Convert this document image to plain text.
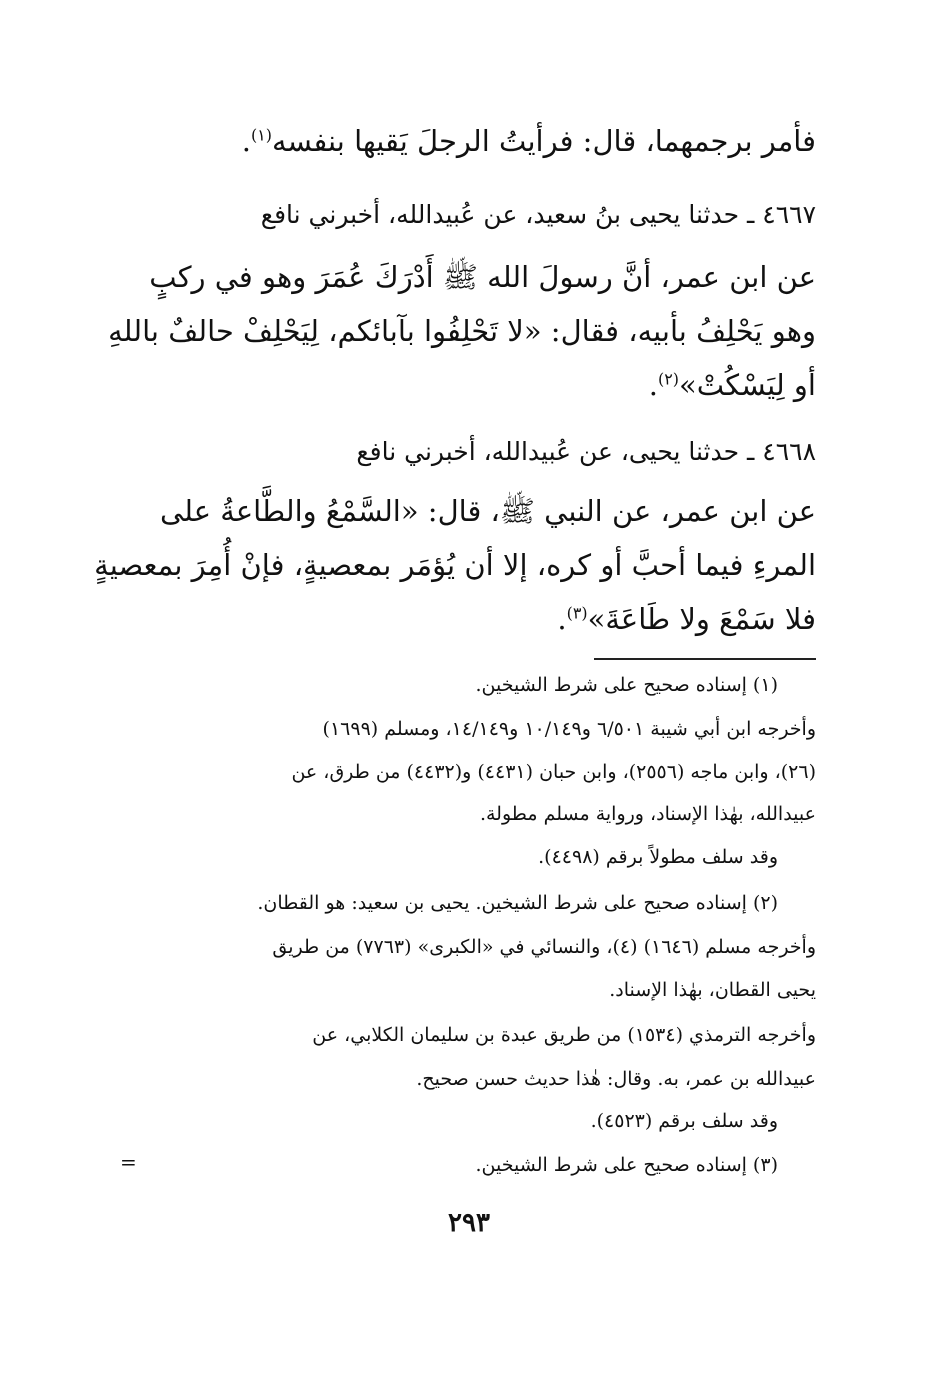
فأمر برجمهما، قال: فرأيتُ الرجلَ يَقيها بنفسه$^{(١)}$.
٤٦٦٧ ـ حدثنا يحيى بنُ سعيد، عن عُبيدالله، أخبرني نافع
عن ابن عمر، أنَّ رسولَ الله ﷺ أَدْرَكَ عُمَرَ وهو في ركبٍ
وهو يَحْلِفُ بأبيه، فقال: «لا تَحْلِفُوا بآبائكم، لِيَحْلِفْ حالفٌ باللهِ
أو لِيَسْكُتْ»$^{(٢)}$.
٤٦٦٨ ـ حدثنا يحيى، عن عُبيدالله، أخبرني نافع
عن ابن عمر، عن النبي ﷺ، قال: «السَّمْعُ والطَّاعةُ على
المرءِ فيما أحبَّ أو كره، إلا أن يُؤمَر بمعصيةٍ، فإنْ أُمِرَ بمعصيةٍ
فلا سَمْعَ ولا طَاعَةَ»$^{(٣)}$.
(١) إسناده صحيح على شرط الشيخين.
وأخرجه ابن أبي شيبة ٦/٥٠١ و١٠/١٤٩ و١٤/١٤٩، ومسلم (١٦٩٩)
(٢٦)، وابن ماجه (٢٥٥٦)، وابن حبان (٤٤٣١) و(٤٤٣٢) من طرق، عن
عبيدالله، بهٰذا الإسناد، ورواية مسلم مطولة.
وقد سلف مطولاً برقم (٤٤٩٨).
(٢) إسناده صحيح على شرط الشيخين. يحيى بن سعيد: هو القطان.
وأخرجه مسلم (١٦٤٦) (٤)، والنسائي في «الكبرى» (٧٧٦٣) من طريق
يحيى القطان، بهٰذا الإسناد.
وأخرجه الترمذي (١٥٣٤) من طريق عبدة بن سليمان الكلابي، عن
عبيدالله بن عمر، به. وقال: هٰذا حديث حسن صحيح.
وقد سلف برقم (٤٥٢٣).
(٣) إسناده صحيح على شرط الشيخين.
=
٢٩٣
